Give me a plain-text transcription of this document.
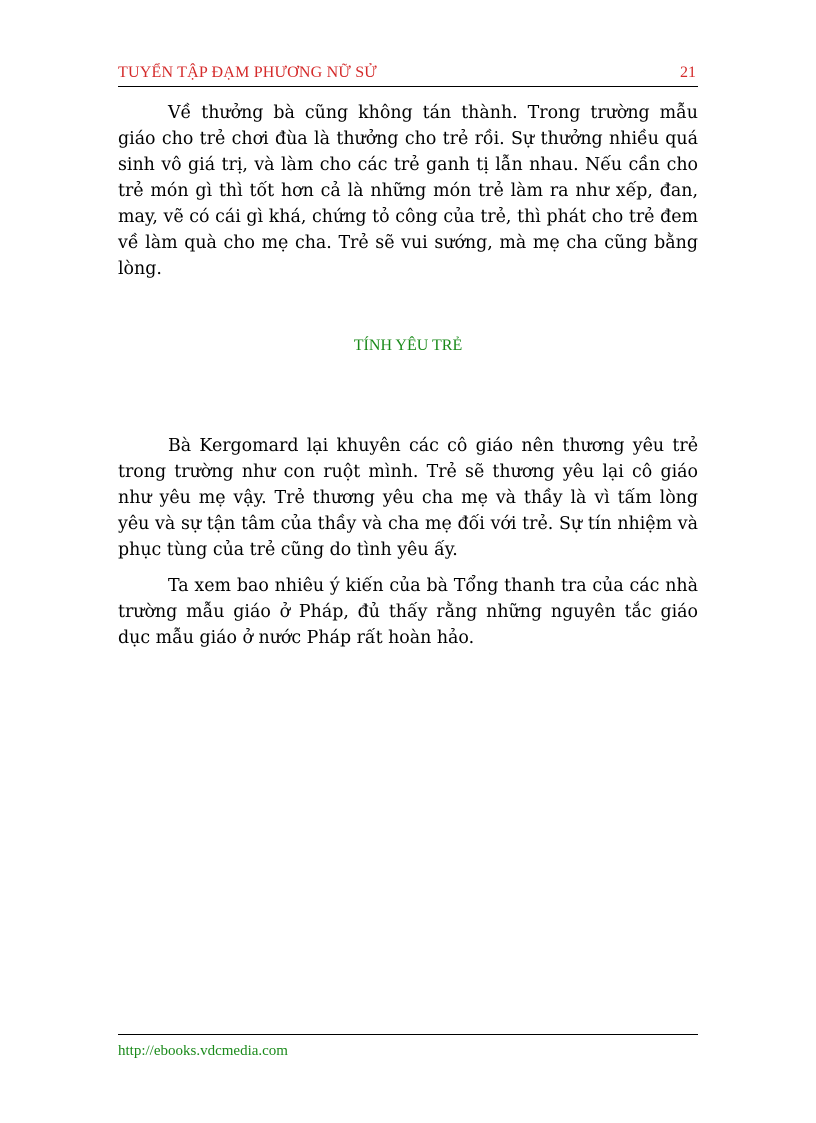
TUYỂN TẬP ĐẠM PHƯƠNG NỮ SỬ	21

Về thưởng bà cũng không tán thành. Trong trường mẫu giáo cho trẻ chơi đùa là thưởng cho trẻ rồi. Sự thưởng nhiều quá sinh vô giá trị, và làm cho các trẻ ganh tị lẫn nhau. Nếu cần cho trẻ món gì thì tốt hơn cả là những món trẻ làm ra như xếp, đan, may, vẽ có cái gì khá, chứng tỏ công của trẻ, thì phát cho trẻ đem về làm quà cho mẹ cha. Trẻ sẽ vui sướng, mà mẹ cha cũng bằng lòng.

TÍNH YÊU TRẺ

Bà Kergomard lại khuyên các cô giáo nên thương yêu trẻ trong trường như con ruột mình. Trẻ sẽ thương yêu lại cô giáo như yêu mẹ vậy. Trẻ thương yêu cha mẹ và thầy là vì tấm lòng yêu và sự tận tâm của thầy và cha mẹ đối với trẻ. Sự tín nhiệm và phục tùng của trẻ cũng do tình yêu ấy.

Ta xem bao nhiêu ý kiến của bà Tổng thanh tra của các nhà trường mẫu giáo ở Pháp, đủ thấy rằng những nguyên tắc giáo dục mẫu giáo ở nước Pháp rất hoàn hảo.

http://ebooks.vdcmedia.com
